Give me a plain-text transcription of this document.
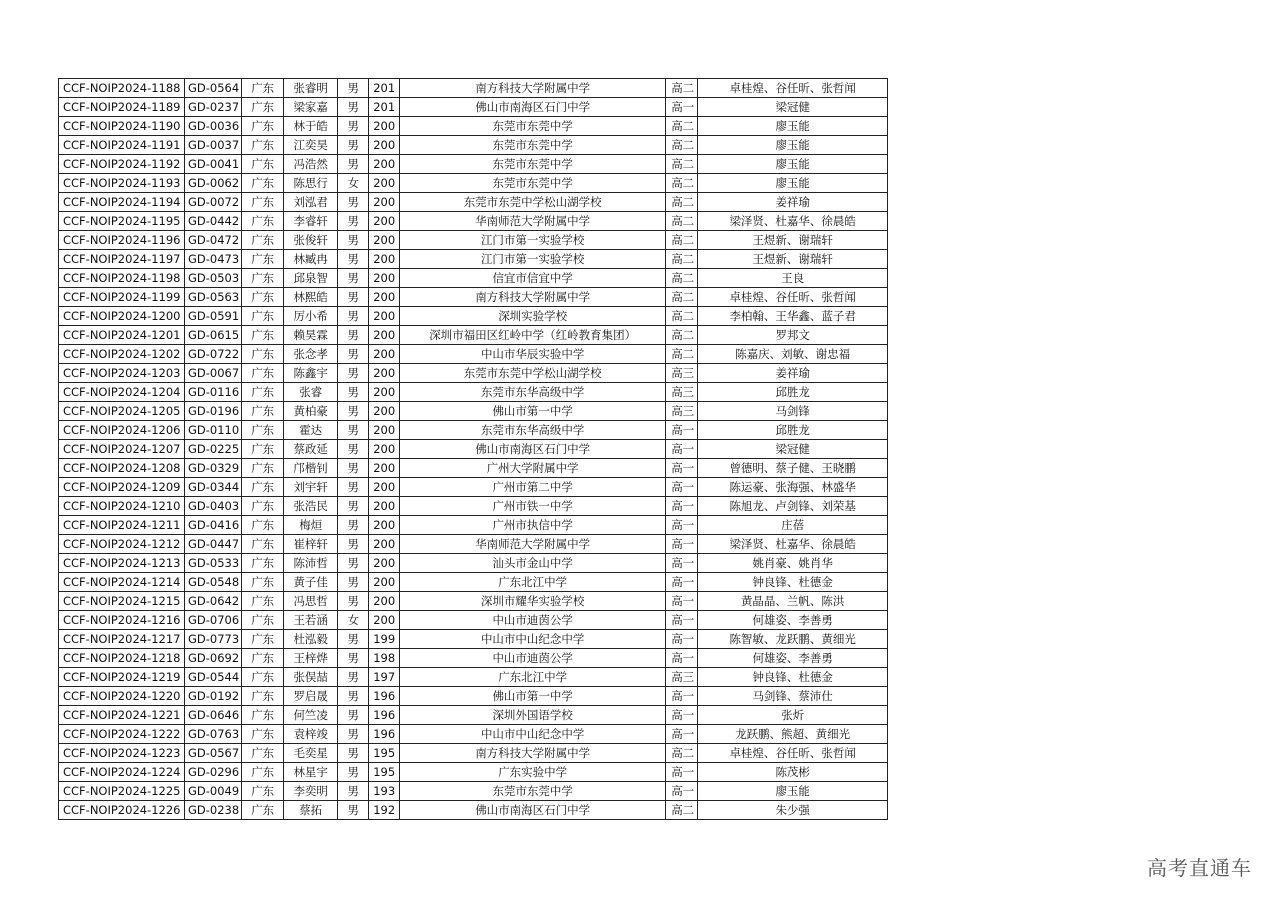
CCF-NOIP2024-1188	GD-0564	广东	张睿明	男	201	南方科技大学附属中学	高二	卓桂煌、谷任昕、张哲闻
CCF-NOIP2024-1189	GD-0237	广东	梁家嘉	男	201	佛山市南海区石门中学	高一	梁冠健
CCF-NOIP2024-1190	GD-0036	广东	林于皓	男	200	东莞市东莞中学	高二	廖玉能
CCF-NOIP2024-1191	GD-0037	广东	江奕昊	男	200	东莞市东莞中学	高二	廖玉能
CCF-NOIP2024-1192	GD-0041	广东	冯浩然	男	200	东莞市东莞中学	高二	廖玉能
CCF-NOIP2024-1193	GD-0062	广东	陈思行	女	200	东莞市东莞中学	高二	廖玉能
CCF-NOIP2024-1194	GD-0072	广东	刘泓君	男	200	东莞市东莞中学松山湖学校	高二	姜祥瑜
CCF-NOIP2024-1195	GD-0442	广东	李睿轩	男	200	华南师范大学附属中学	高二	梁泽贤、杜嘉华、徐晨皓
CCF-NOIP2024-1196	GD-0472	广东	张俊轩	男	200	江门市第一实验学校	高二	王煜新、谢瑞轩
CCF-NOIP2024-1197	GD-0473	广东	林臧冉	男	200	江门市第一实验学校	高二	王煜新、谢瑞轩
CCF-NOIP2024-1198	GD-0503	广东	邱泉智	男	200	信宜市信宜中学	高二	王良
CCF-NOIP2024-1199	GD-0563	广东	林熙皓	男	200	南方科技大学附属中学	高二	卓桂煌、谷任昕、张哲闻
CCF-NOIP2024-1200	GD-0591	广东	厉小希	男	200	深圳实验学校	高二	李柏翰、王华鑫、蓝子君
CCF-NOIP2024-1201	GD-0615	广东	赖昊霖	男	200	深圳市福田区红岭中学（红岭教育集团）	高二	罗邦文
CCF-NOIP2024-1202	GD-0722	广东	张念孝	男	200	中山市华辰实验中学	高二	陈嘉庆、刘敏、谢忠福
CCF-NOIP2024-1203	GD-0067	广东	陈鑫宇	男	200	东莞市东莞中学松山湖学校	高三	姜祥瑜
CCF-NOIP2024-1204	GD-0116	广东	张睿	男	200	东莞市东华高级中学	高三	邱胜龙
CCF-NOIP2024-1205	GD-0196	广东	黄柏豪	男	200	佛山市第一中学	高三	马剑锋
CCF-NOIP2024-1206	GD-0110	广东	霍达	男	200	东莞市东华高级中学	高一	邱胜龙
CCF-NOIP2024-1207	GD-0225	广东	蔡政延	男	200	佛山市南海区石门中学	高一	梁冠健
CCF-NOIP2024-1208	GD-0329	广东	邝楷钊	男	200	广州大学附属中学	高一	曾德明、蔡子健、王晓鹏
CCF-NOIP2024-1209	GD-0344	广东	刘宇轩	男	200	广州市第二中学	高一	陈运豪、张海强、林盛华
CCF-NOIP2024-1210	GD-0403	广东	张浩民	男	200	广州市铁一中学	高一	陈旭龙、卢剑锋、刘荣基
CCF-NOIP2024-1211	GD-0416	广东	梅烜	男	200	广州市执信中学	高一	庄蓓
CCF-NOIP2024-1212	GD-0447	广东	崔梓轩	男	200	华南师范大学附属中学	高一	梁泽贤、杜嘉华、徐晨皓
CCF-NOIP2024-1213	GD-0533	广东	陈沛哲	男	200	汕头市金山中学	高一	姚肖豪、姚肖华
CCF-NOIP2024-1214	GD-0548	广东	黄子佳	男	200	广东北江中学	高一	钟良锋、杜德金
CCF-NOIP2024-1215	GD-0642	广东	冯思哲	男	200	深圳市耀华实验学校	高一	黄晶晶、兰帆、陈洪
CCF-NOIP2024-1216	GD-0706	广东	王若涵	女	200	中山市迪茵公学	高一	何雄姿、李善勇
CCF-NOIP2024-1217	GD-0773	广东	杜泓毅	男	199	中山市中山纪念中学	高一	陈智敏、龙跃鹏、黄细光
CCF-NOIP2024-1218	GD-0692	广东	王梓烨	男	198	中山市迪茵公学	高一	何雄姿、李善勇
CCF-NOIP2024-1219	GD-0544	广东	张俣喆	男	197	广东北江中学	高三	钟良锋、杜德金
CCF-NOIP2024-1220	GD-0192	广东	罗启晟	男	196	佛山市第一中学	高一	马剑锋、蔡沛仕
CCF-NOIP2024-1221	GD-0646	广东	何竺凌	男	196	深圳外国语学校	高一	张炘
CCF-NOIP2024-1222	GD-0763	广东	袁梓竣	男	196	中山市中山纪念中学	高一	龙跃鹏、熊超、黄细光
CCF-NOIP2024-1223	GD-0567	广东	毛奕星	男	195	南方科技大学附属中学	高二	卓桂煌、谷任昕、张哲闻
CCF-NOIP2024-1224	GD-0296	广东	林星宇	男	195	广东实验中学	高一	陈茂彬
CCF-NOIP2024-1225	GD-0049	广东	李奕明	男	193	东莞市东莞中学	高一	廖玉能
CCF-NOIP2024-1226	GD-0238	广东	蔡拓	男	192	佛山市南海区石门中学	高二	朱少强
高考直通车
